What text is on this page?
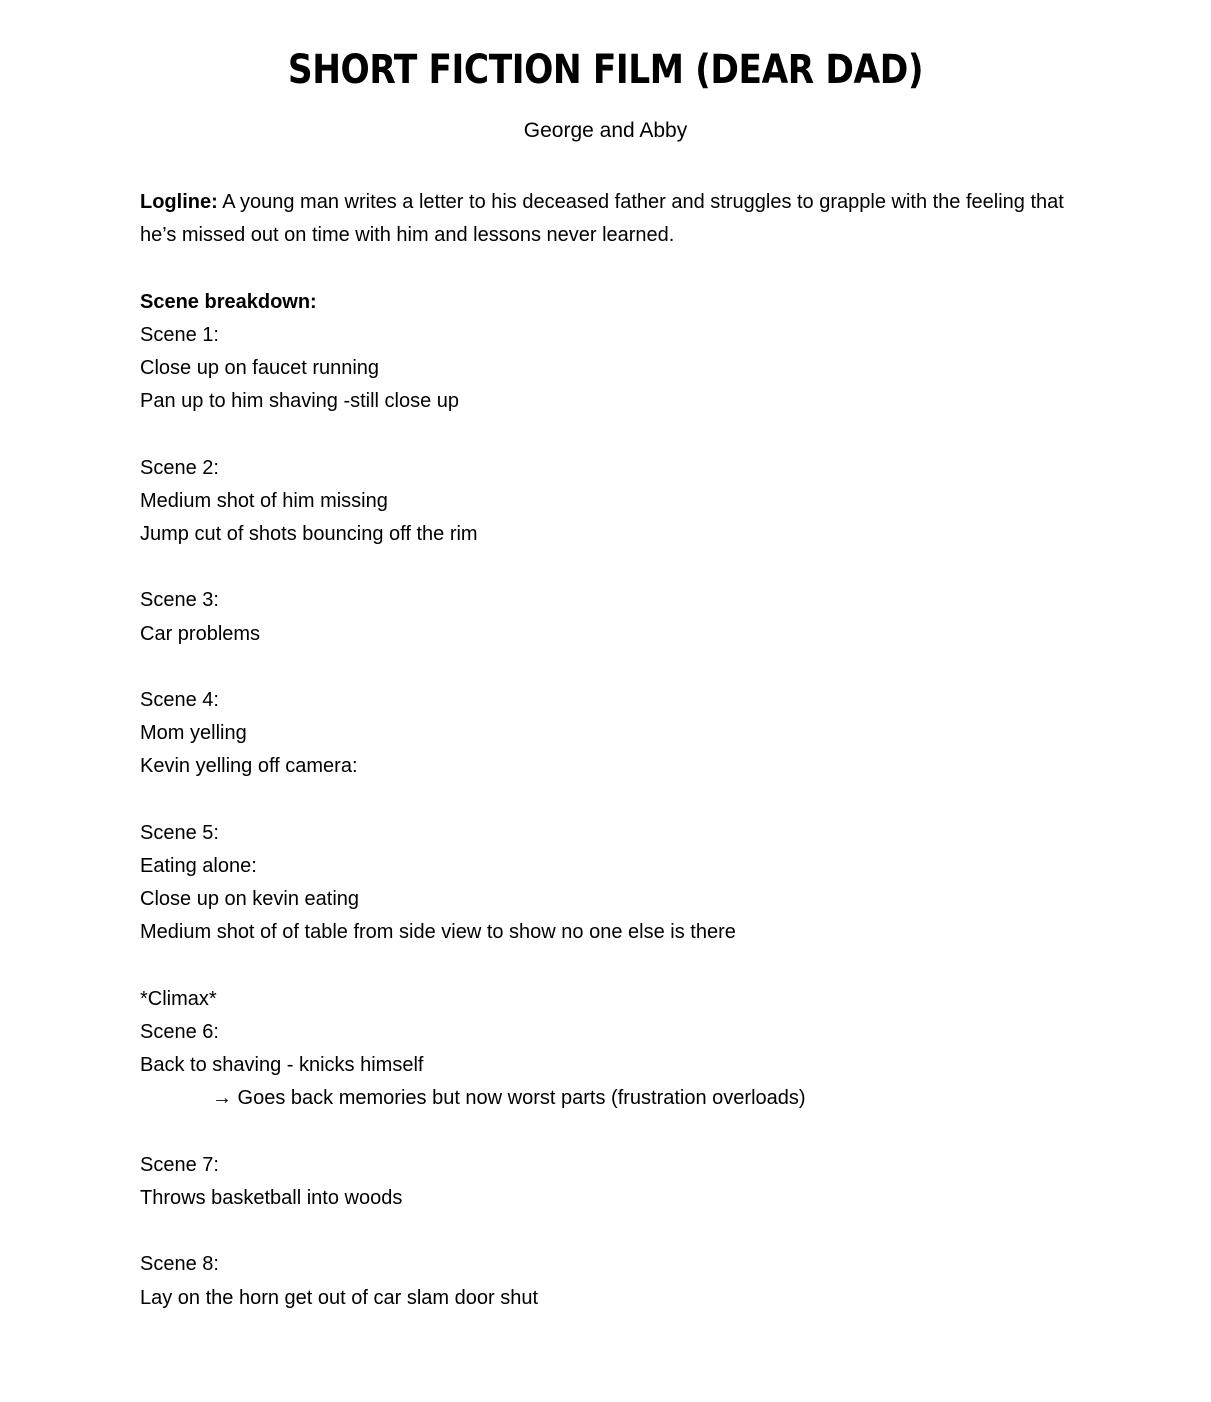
SHORT FICTION FILM (DEAR DAD)
George and Abby

Logline: A young man writes a letter to his deceased father and struggles to grapple with the feeling that he’s missed out on time with him and lessons never learned.

Scene breakdown:
Scene 1:
Close up on faucet running
Pan up to him shaving -still close up
Scene 2:
Medium shot of him missing
Jump cut of shots bouncing off the rim
Scene 3:
Car problems
Scene 4:
Mom yelling
Kevin yelling off camera:
Scene 5:
Eating alone:
Close up on kevin eating
Medium shot of of table from side view to show no one else is there
*Climax*
Scene 6:
Back to shaving - knicks himself
→ Goes back memories but now worst parts (frustration overloads)
Scene 7:
Throws basketball into woods
Scene 8:
Lay on the horn get out of car slam door shut
